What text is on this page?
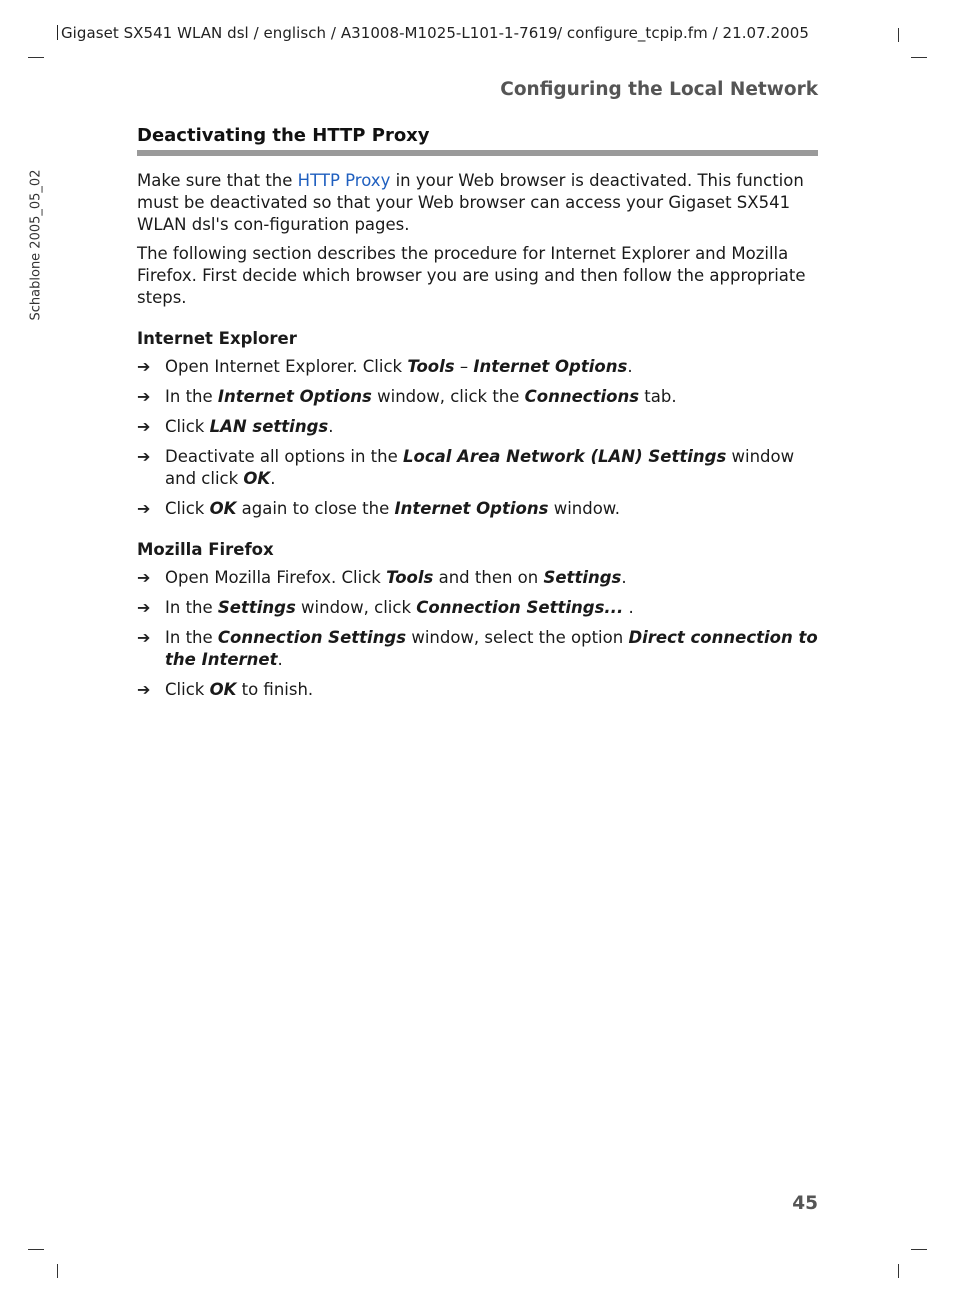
Gigaset SX541 WLAN dsl / englisch / A31008-M1025-L101-1-7619 / configure_tcpip.fm / 21.07.2005
Schablone 2005_05_02
Configuring the Local Network
Deactivating the HTTP Proxy

Make sure that the HTTP Proxy in your Web browser is deactivated. This function must be deactivated so that your Web browser can access your Gigaset SX541 WLAN dsl's con-figuration pages.

The following section describes the procedure for Internet Explorer and Mozilla Firefox. First decide which browser you are using and then follow the appropriate steps.

Internet Explorer
➔ Open Internet Explorer. Click Tools – Internet Options.
➔ In the Internet Options window, click the Connections tab.
➔ Click LAN settings.
➔ Deactivate all options in the Local Area Network (LAN) Settings window and click OK.
➔ Click OK again to close the Internet Options window.
Mozilla Firefox
➔ Open Mozilla Firefox. Click Tools and then on Settings.
➔ In the Settings window, click Connection Settings... .
➔ In the Connection Settings window, select the option Direct connection to the Internet.
➔ Click OK to finish.
45
